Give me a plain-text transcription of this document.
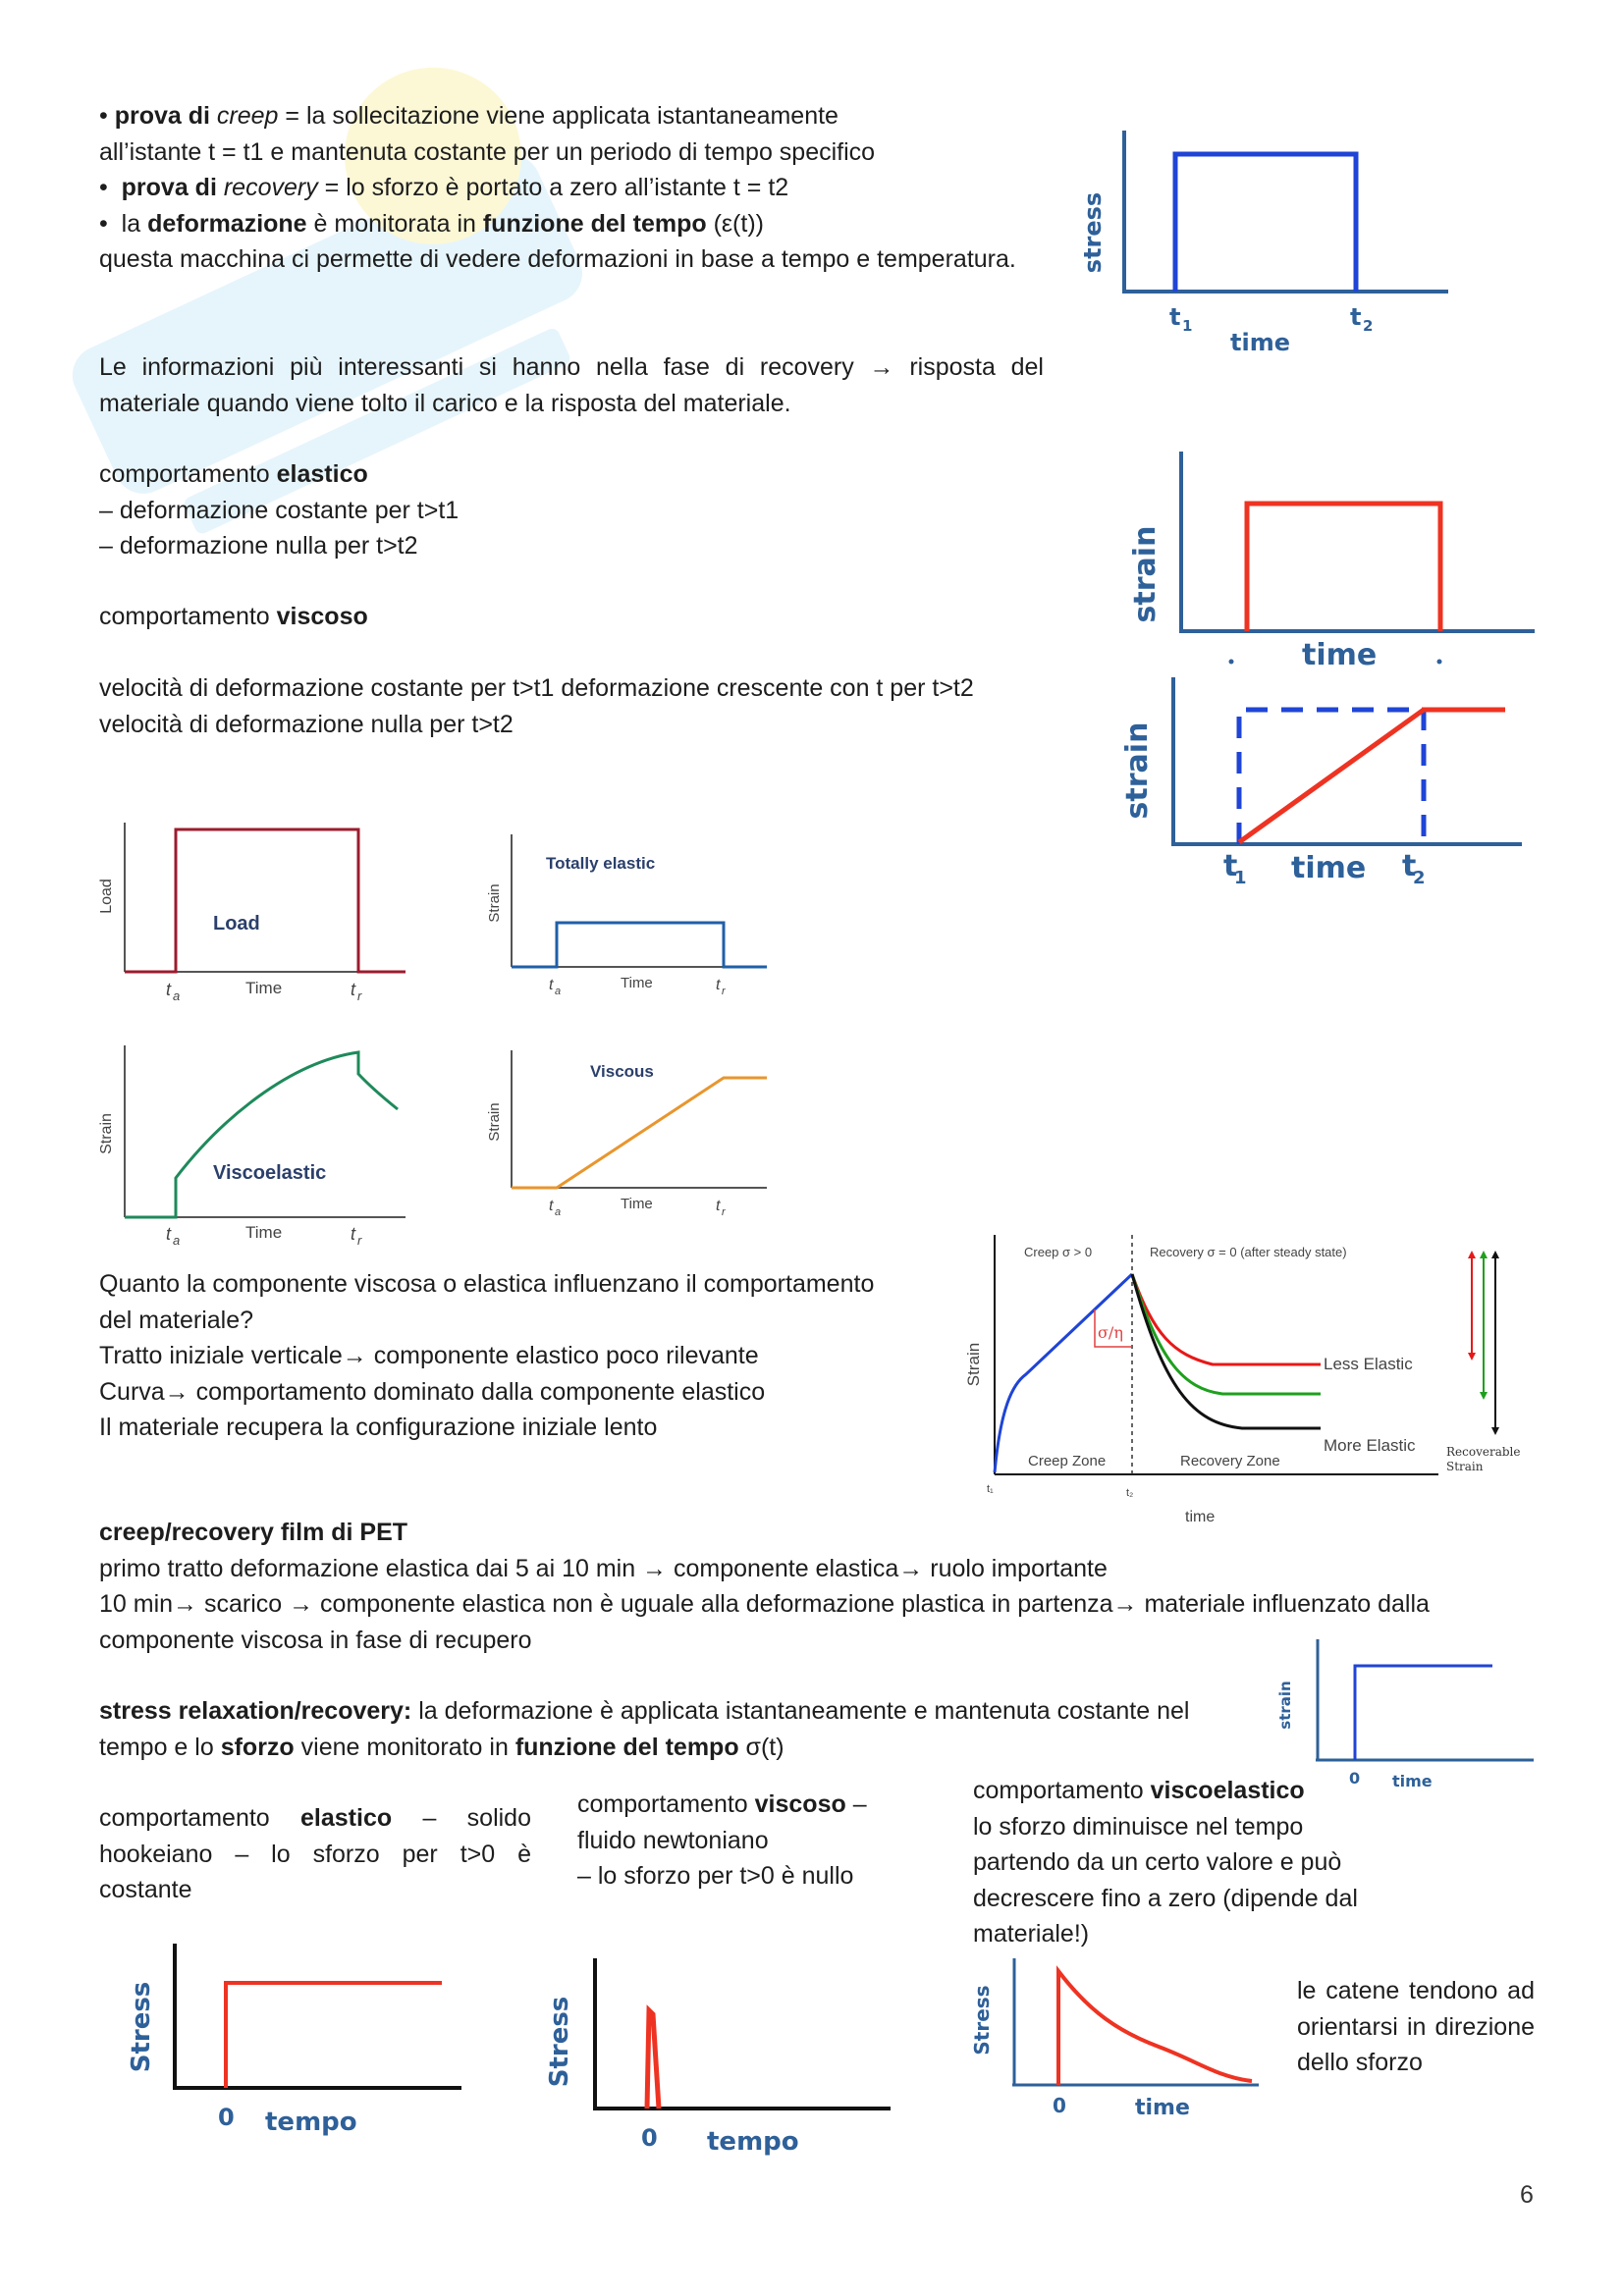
• prova di creep = la sollecitazione viene applicata istantaneamente
all’istante t = t1 e mantenuta costante per un periodo di tempo specifico
•  prova di recovery = lo sforzo è portato a zero all’istante t = t2
•  la deformazione è monitorata in funzione del tempo (ε(t))
questa macchina ci permette di vedere deformazioni in base a tempo e temperatura.
Le informazioni più interessanti si hanno nella fase di recovery → risposta del materiale quando viene tolto il carico e la risposta del materiale.
comportamento elastico
– deformazione costante per t>t1
– deformazione nulla per t>t2
comportamento viscoso
velocità di deformazione costante per t>t1 deformazione crescente con t per t>t2
velocità di deformazione nulla per t>t2
stress
t 1	t 2
time
strain
time
strain
t
1 time t
2
Load
Load
t a	Time	t r
Strain
Totally elastic
t a	Time	t r
Strain
Viscoelastic
t a	Time	t r
Strain
Viscous
t a	Time	t r
Quanto la componente viscosa o elastica influenzano il comportamento
del materiale?
Tratto iniziale verticale→ componente elastico poco rilevante
Curva→ comportamento dominato dalla componente elastico
Il materiale recupera la configurazione iniziale lento
Strain
Creep σ > 0	Recovery σ = 0 (after steady state)
σ/η
Less Elastic
More Elastic
Creep Zone	Recovery Zone
t₁	t₂
time
Recoverable
Strain
creep/recovery film di PET
primo tratto deformazione elastica dai 5 ai 10 min → componente elastica→ ruolo importante
10 min→ scarico → componente elastica non è uguale alla deformazione plastica in partenza→ materiale influenzato dalla componente viscosa in fase di recupero
stress relaxation/recovery: la deformazione è applicata istantaneamente e mantenuta costante nel tempo e lo sforzo viene monitorato in funzione del tempo σ(t)
strain
0 time
comportamento elastico – solido hookeiano – lo sforzo per t>0 è costante
comportamento viscoso –
fluido newtoniano
– lo sforzo per t>0 è nullo
comportamento viscoelastico
lo sforzo diminuisce nel tempo partendo da un certo valore e può decrescere fino a zero (dipende dal materiale!)
Stress
0 tempo
Stress
0 tempo
Stress
0	time
le catene tendono ad orientarsi in direzione dello sforzo
6
